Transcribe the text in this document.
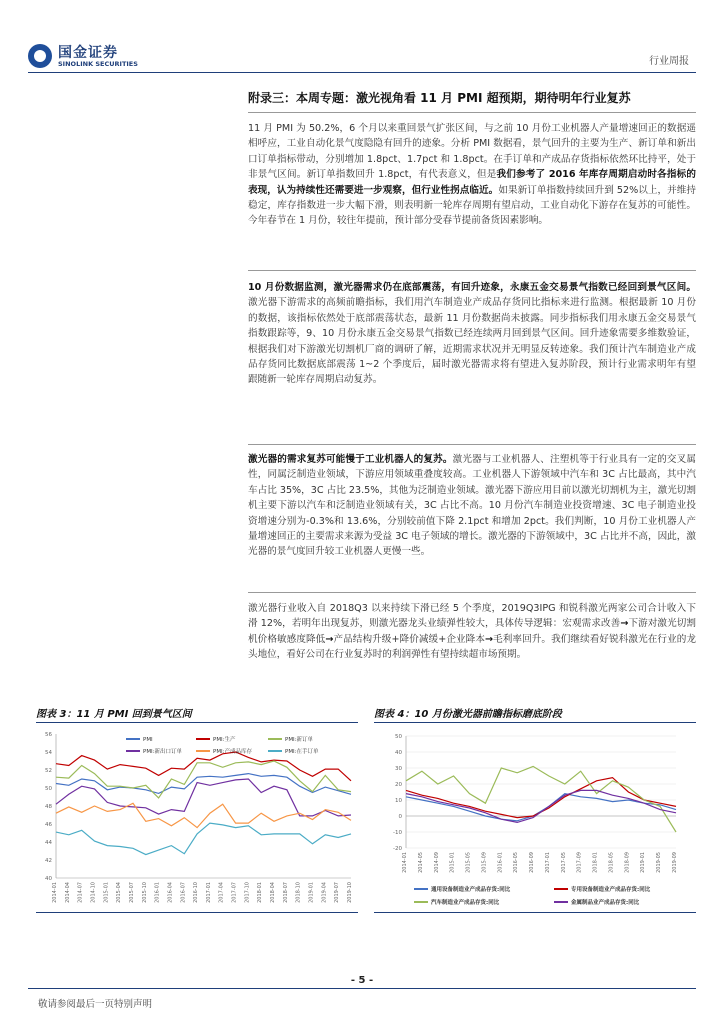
国金证券
SINOLINK SECURITIES	行业周报
附录三：本周专题：激光视角看 11 月 PMI 超预期，期待明年行业复苏
11 月 PMI 为 50.2%，6 个月以来重回景气扩张区间，与之前 10 月份工业机器人产量增速回正的数据遥相呼应，工业自动化景气度隐隐有回升的迹象。分析 PMI 数据看，景气回升的主要为生产、新订单和新出口订单指标带动，分别增加 1.8pct、1.7pct 和 1.8pct。在手订单和产成品存货指标依然环比持平，处于非景气区间。新订单指数回升 1.8pct，有代表意义，但是我们参考了 2016 年库存周期启动时各指标的表现，认为持续性还需要进一步观察，但行业性拐点临近。如果新订单指数持续回升到 52%以上，并维持稳定，库存指数进一步大幅下滑，则表明新一轮库存周期有望启动，工业自动化下游存在复苏的可能性。今年春节在 1 月份，较往年提前，预计部分受春节提前备货因素影响。
10 月份数据监测，激光器需求仍在底部震荡，有回升迹象，永康五金交易景气指数已经回到景气区间。激光器下游需求的高频前瞻指标，我们用汽车制造业产成品存货同比指标来进行监测。根据最新 10 月份的数据，该指标依然处于底部震荡状态，最新 11 月份数据尚未披露。同步指标我们用永康五金交易景气指数跟踪等，9、10 月份永康五金交易景气指数已经连续两月回到景气区间。回升迹象需要多维数验证，根据我们对下游激光切割机厂商的调研了解，近期需求状况并无明显反转迹象。我们预计汽车制造业产成品存货同比数据底部震荡 1~2 个季度后，届时激光器需求将有望进入复苏阶段，预计行业需求明年有望跟随新一轮库存周期启动复苏。
激光器的需求复苏可能慢于工业机器人的复苏。激光器与工业机器人、注塑机等于行业具有一定的交叉属性，同属泛制造业领域，下游应用领域重叠度较高。工业机器人下游领域中汽车和 3C 占比最高，其中汽车占比 35%，3C 占比 23.5%，其他为泛制造业领域。激光器下游应用目前以激光切割机为主，激光切割机主要下游以汽车和泛制造业领域有关，3C 占比不高。10 月份汽车制造业投资增速、3C 电子制造业投资增速分别为-0.3%和 13.6%，分别较前值下降 2.1pct 和增加 2pct。我们判断，10 月份工业机器人产量增速回正的主要需求来源为受益 3C 电子领域的增长。激光器的下游领域中，3C 占比并不高，因此，激光器的景气度回升较工业机器人更慢一些。
激光器行业收入自 2018Q3 以来持续下滑已经 5 个季度，2019Q3IPG 和锐科激光两家公司合计收入下滑 12%，若明年出现复苏，则激光器龙头业绩弹性较大，具体传导逻辑：宏观需求改善→下游对激光切割机价格敏感度降低→产品结构升级+降价减缓+企业降本→毛利率回升。我们继续看好锐科激光在行业的龙头地位，看好公司在行业复苏时的利润弹性有望持续超市场预期。
图表 3：11 月 PMI 回到景气区间
56
54
52
50
48
46
44
42
40
2014-01 2014-04 2014-07 2014-10 2015-01 2015-04 2015-07 2015-10 2016-01 2016-04 2016-07 2016-10 2017-01 2017-04 2017-07 2017-10 2018-01 2018-04 2018-07 2018-10 2019-01 2019-04 2019-07 2019-10
PMI	PMI:生产	PMI:新订单
PMI:新出口订单	PMI:产成品库存	PMI:在手订单
图表 4：10 月份激光器前瞻指标磨底阶段
50
40
30
20
10
0
-10
-20
2014-01 2014-05 2014-09 2015-01 2015-05 2015-09 2016-01 2016-05 2016-09 2017-01 2017-05 2017-09 2018-01 2018-05 2018-09 2019-01 2019-05 2019-09
通用设备制造业产成品存货:同比	专用设备制造业产成品存货:同比
汽车制造业产成品存货:同比	金属制品业产成品存货:同比
- 5 -
敬请参阅最后一页特别声明
